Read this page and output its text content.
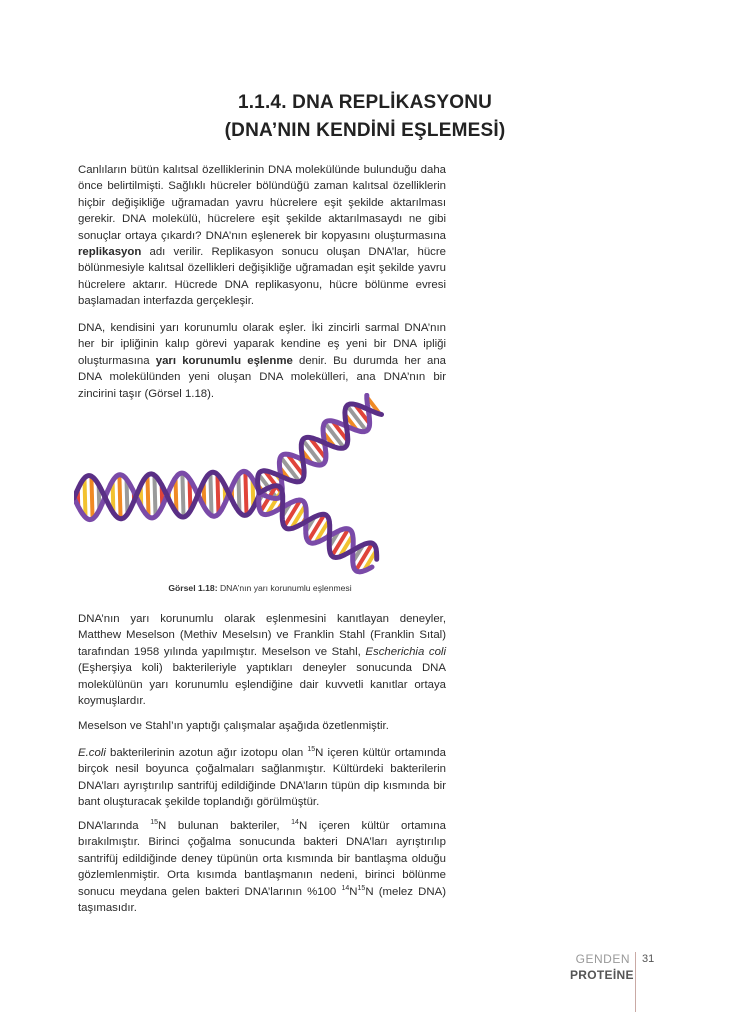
1.1.4. DNA REPLİKASYONU
(DNA’NIN KENDİNİ EŞLEMESİ)

Canlıların bütün kalıtsal özelliklerinin DNA molekülünde bulunduğu daha önce belirtilmişti. Sağlıklı hücreler bölündüğü zaman kalıtsal özelliklerin hiçbir değişikliğe uğramadan yavru hücrelere eşit şekilde aktarılması gerekir. DNA molekülü, hücrelere eşit şekilde aktarılmasaydı ne gibi sonuçlar ortaya çıkardı? DNA’nın eşlenerek bir kopyasını oluşturmasına replikasyon adı verilir. Replikasyon sonucu oluşan DNA’lar, hücre bölünmesiyle kalıtsal özellikleri değişikliğe uğramadan eşit şekilde yavru hücrelere aktarır. Hücrede DNA replikasyonu, hücre bölünme evresi başlamadan interfazda gerçekleşir.

DNA, kendisini yarı korunumlu olarak eşler. İki zincirli sarmal DNA’nın her bir ipliğinin kalıp görevi yaparak kendine eş yeni bir DNA ipliği oluşturmasına yarı korunumlu eşlenme denir. Bu durumda her ana DNA molekülünden yeni oluşan DNA molekülleri, ana DNA’nın bir zincirini taşır (Görsel 1.18).

Görsel 1.18: DNA’nın yarı korunumlu eşlenmesi

DNA’nın yarı korunumlu olarak eşlenmesini kanıtlayan deneyler, Matthew Meselson (Methiv Meselsın) ve Franklin Stahl (Franklin Sıtal) tarafından 1958 yılında yapılmıştır. Meselson ve Stahl, Escherichia coli (Eşherşiya koli) bakterileriyle yaptıkları deneyler sonucunda DNA molekülünün yarı korunumlu eşlendiğine dair kuvvetli kanıtlar ortaya koymuşlardır.

Meselson ve Stahl’ın yaptığı çalışmalar aşağıda özetlenmiştir.

E.coli bakterilerinin azotun ağır izotopu olan $^{15}$N içeren kültür ortamında birçok nesil boyunca çoğalmaları sağlanmıştır. Kültürdeki bakterilerin DNA’ları ayrıştırılıp santrifüj edildiğinde DNA’ların tüpün dip kısmında bir bant oluşturacak şekilde toplandığı görülmüştür.

DNA’larında $^{15}$N bulunan bakteriler, $^{14}$N içeren kültür ortamına bırakılmıştır. Birinci çoğalma sonucunda bakteri DNA’ları ayrıştırılıp santrifüj edildiğinde deney tüpünün orta kısmında bir bantlaşma olduğu gözlemlenmiştir. Orta kısımda bantlaşmanın nedeni, birinci bölünme sonucu meydana gelen bakteri DNA’larının %100 $^{14}N^{15}N$ (melez DNA) taşımasıdır.

GENDEN
PROTEİNE
31
